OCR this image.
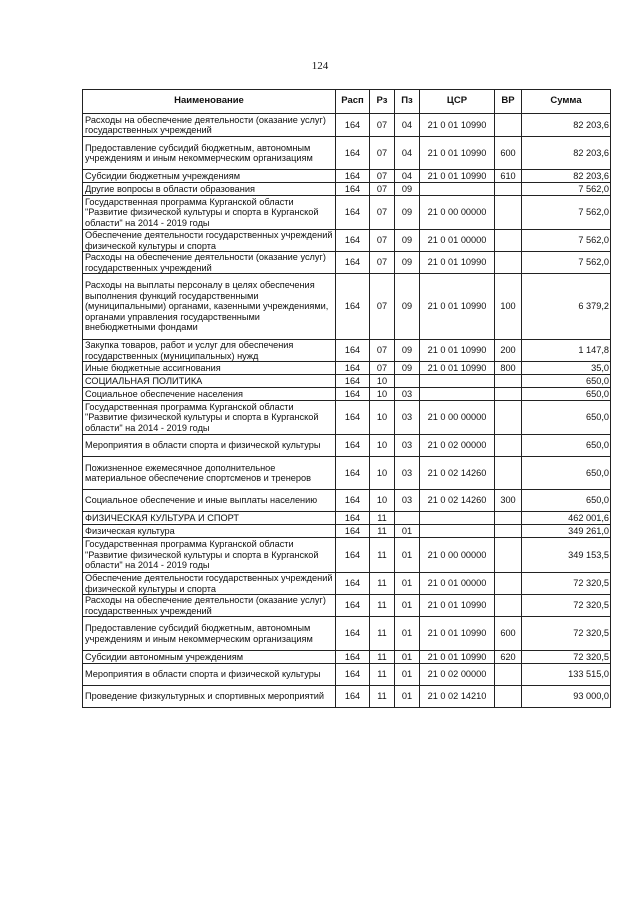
124
Наименование	Расп	Рз	Пз	ЦСР	ВР	Сумма
Расходы на обеспечение деятельности (оказание услуг) государственных учреждений	164	07	04	21 0 01 10990		82 203,6
Предоставление субсидий бюджетным, автономным учреждениям и иным некоммерческим организациям	164	07	04	21 0 01 10990	600	82 203,6
Субсидии бюджетным учреждениям	164	07	04	21 0 01 10990	610	82 203,6
Другие вопросы в области образования	164	07	09			7 562,0
Государственная программа Курганской области "Развитие физической культуры и спорта в Курганской области" на 2014 - 2019 годы	164	07	09	21 0 00 00000		7 562,0
Обеспечение деятельности государственных учреждений физической культуры и спорта	164	07	09	21 0 01 00000		7 562,0
Расходы на обеспечение деятельности (оказание услуг) государственных учреждений	164	07	09	21 0 01 10990		7 562,0
Расходы на выплаты персоналу в целях обеспечения выполнения функций государственными (муниципальными) органами, казенными учреждениями, органами управления государственными внебюджетными фондами	164	07	09	21 0 01 10990	100	6 379,2
Закупка товаров, работ и услуг для обеспечения государственных (муниципальных) нужд	164	07	09	21 0 01 10990	200	1 147,8
Иные бюджетные ассигнования	164	07	09	21 0 01 10990	800	35,0
СОЦИАЛЬНАЯ ПОЛИТИКА	164	10				650,0
Социальное обеспечение населения	164	10	03			650,0
Государственная программа Курганской области "Развитие физической культуры и спорта в Курганской области" на 2014 - 2019 годы	164	10	03	21 0 00 00000		650,0
Мероприятия в области спорта и физической культуры	164	10	03	21 0 02 00000		650,0
Пожизненное ежемесячное дополнительное материальное обеспечение спортсменов и тренеров	164	10	03	21 0 02 14260		650,0
Социальное обеспечение и иные выплаты населению	164	10	03	21 0 02 14260	300	650,0
ФИЗИЧЕСКАЯ КУЛЬТУРА И СПОРТ	164	11				462 001,6
Физическая культура	164	11	01			349 261,0
Государственная программа Курганской области "Развитие физической культуры и спорта в Курганской области" на 2014 - 2019 годы	164	11	01	21 0 00 00000		349 153,5
Обеспечение деятельности государственных учреждений физической культуры и спорта	164	11	01	21 0 01 00000		72 320,5
Расходы на обеспечение деятельности (оказание услуг) государственных учреждений	164	11	01	21 0 01 10990		72 320,5
Предоставление субсидий бюджетным, автономным учреждениям и иным некоммерческим организациям	164	11	01	21 0 01 10990	600	72 320,5
Субсидии автономным учреждениям	164	11	01	21 0 01 10990	620	72 320,5
Мероприятия в области спорта и физической культуры	164	11	01	21 0 02 00000		133 515,0
Проведение физкультурных и спортивных мероприятий	164	11	01	21 0 02 14210		93 000,0
